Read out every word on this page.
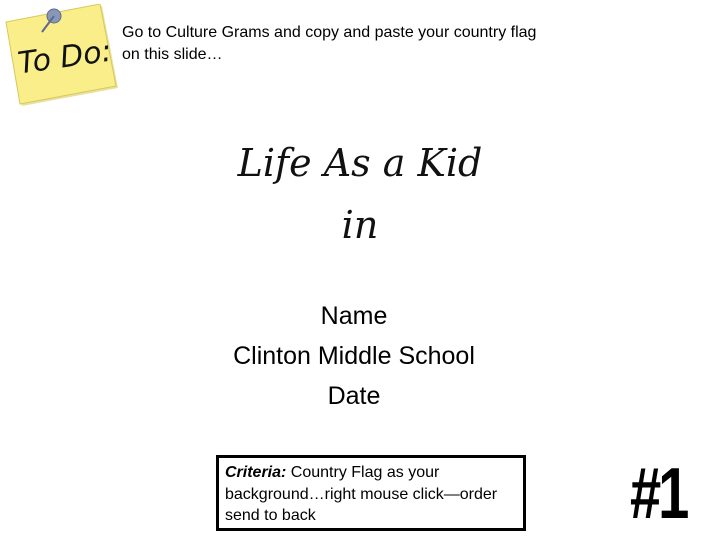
To Do:
Go to Culture Grams and copy and paste your country flag
on this slide…
Life As a Kid
in
Name
Clinton Middle School
Date
Criteria: Country Flag as your background…right mouse click—order send to back	#1
